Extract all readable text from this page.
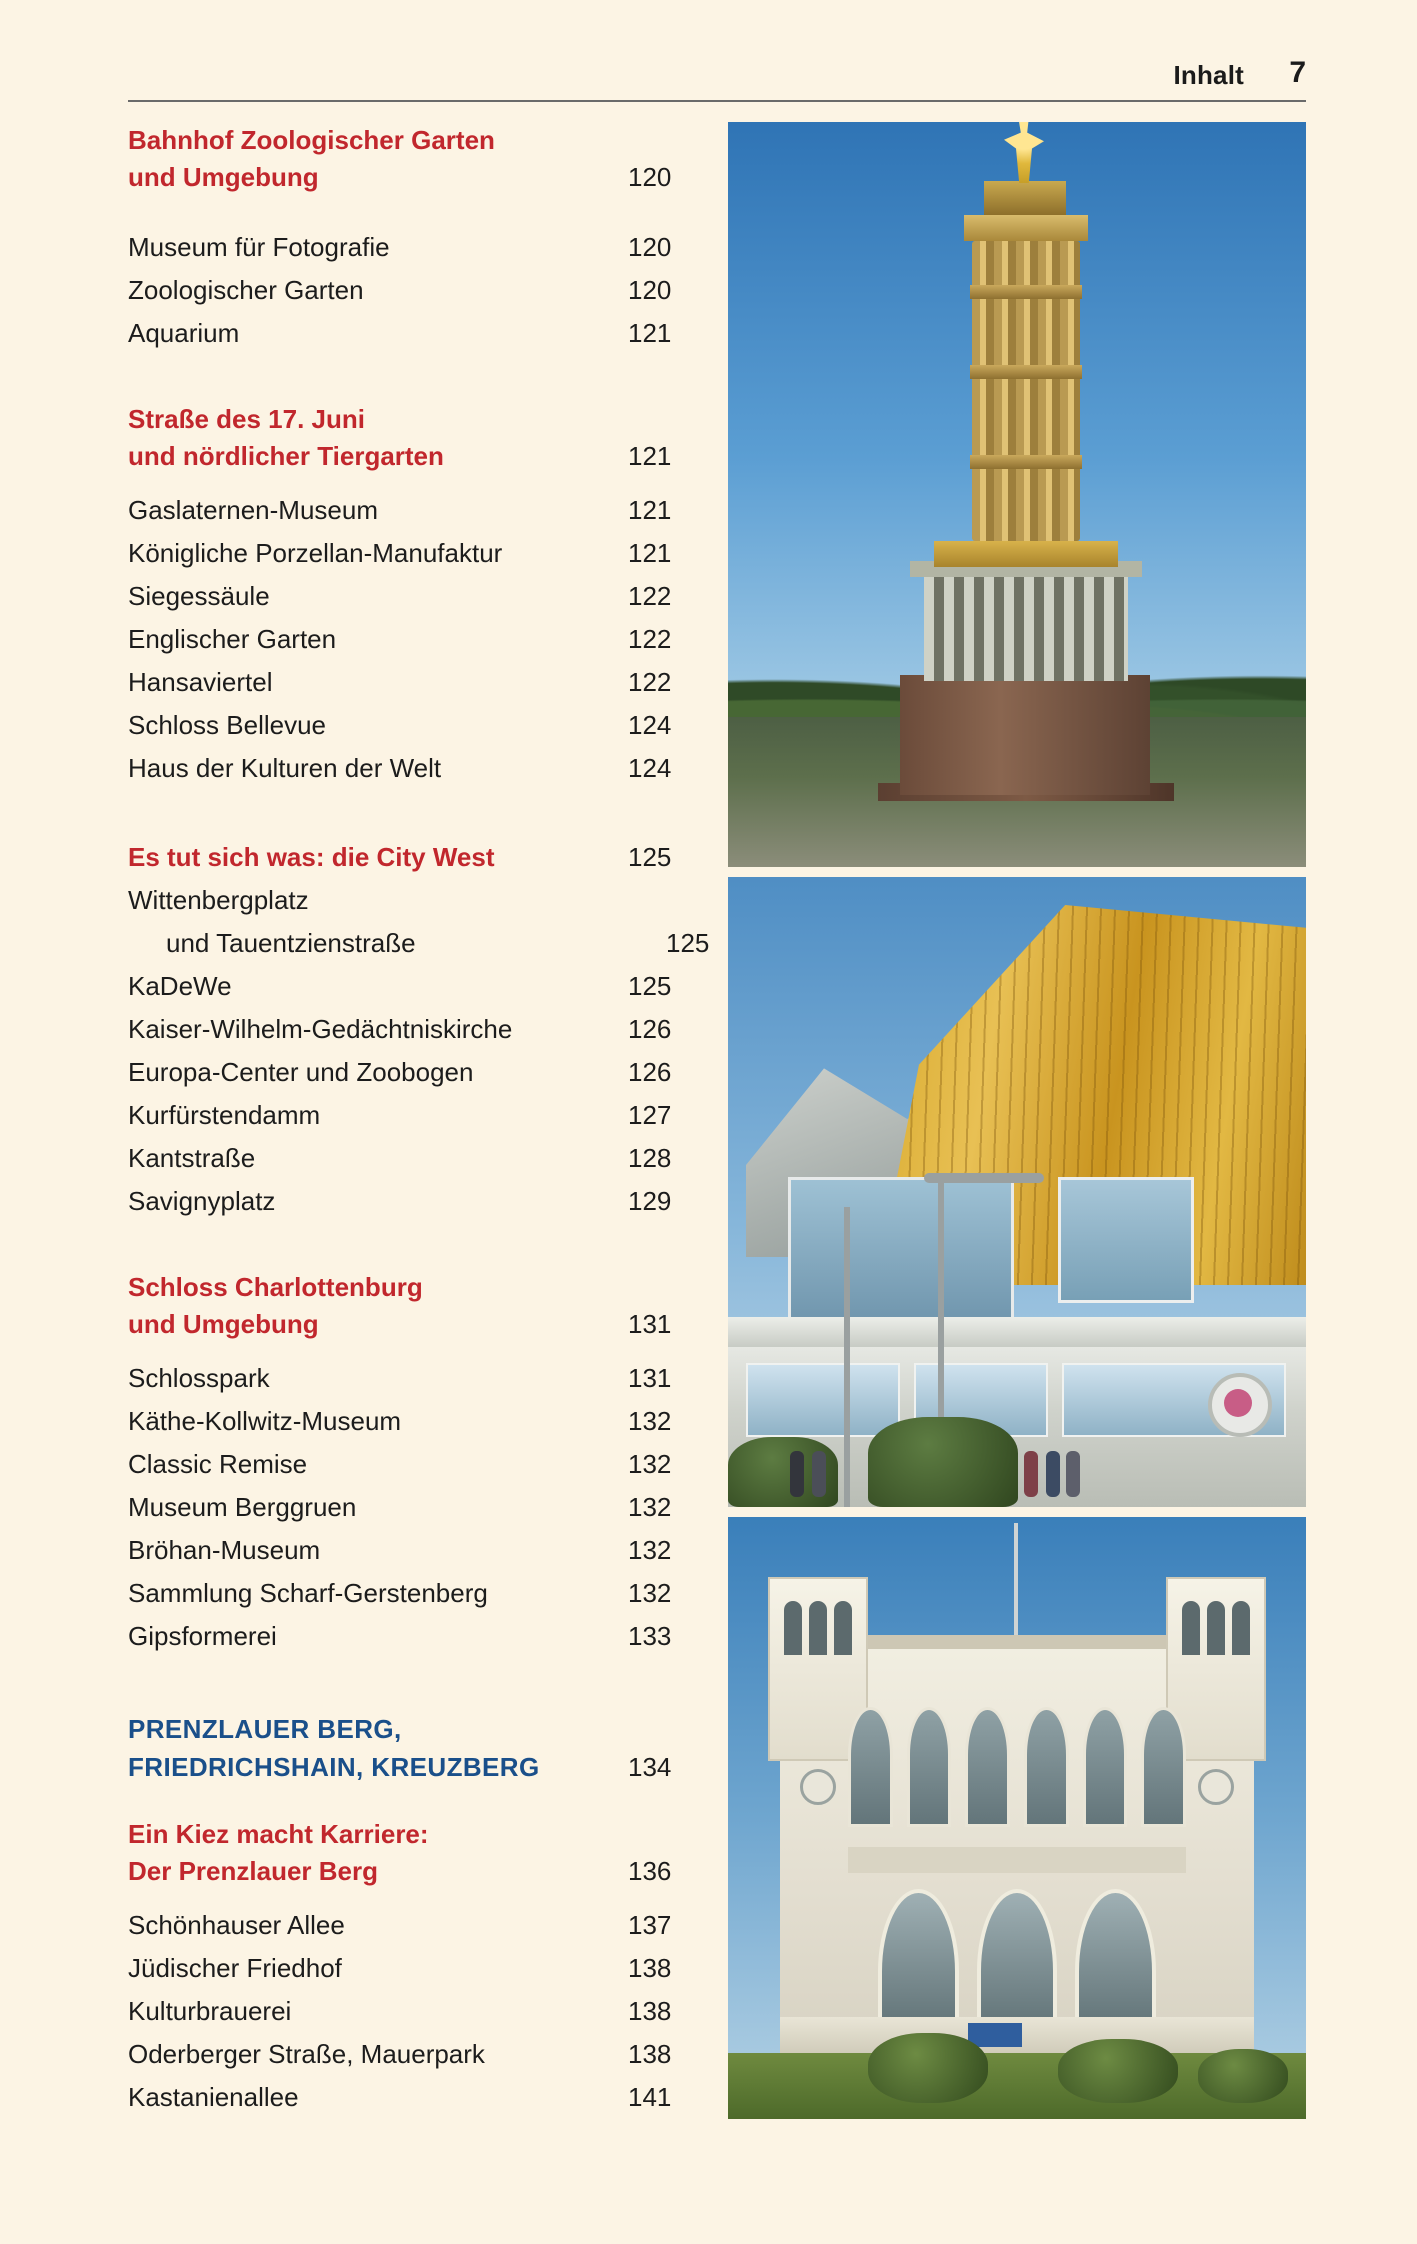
Inhalt 7
Bahnhof Zoologischer Garten
und Umgebung	120
Museum für Fotografie	120
Zoologischer Garten	120
Aquarium	121
Straße des 17. Juni
und nördlicher Tiergarten	121
Gaslaternen-Museum	121
Königliche Porzellan-Manufaktur	121
Siegessäule	122
Englischer Garten	122
Hansaviertel	122
Schloss Bellevue	124
Haus der Kulturen der Welt	124
Es tut sich was: die City West	125
Wittenbergplatz
und Tauentzienstraße	125
KaDeWe	125
Kaiser-Wilhelm-Gedächtniskirche	126
Europa-Center und Zoobogen	126
Kurfürstendamm	127
Kantstraße	128
Savignyplatz	129
Schloss Charlottenburg
und Umgebung	131
Schlosspark	131
Käthe-Kollwitz-Museum	132
Classic Remise	132
Museum Berggruen	132
Bröhan-Museum	132
Sammlung Scharf-Gerstenberg	132
Gipsformerei	133
PRENZLAUER BERG,
FRIEDRICHSHAIN, KREUZBERG	134
Ein Kiez macht Karriere:
Der Prenzlauer Berg	136
Schönhauser Allee	137
Jüdischer Friedhof	138
Kulturbrauerei	138
Oderberger Straße, Mauerpark	138
Kastanienallee	141
